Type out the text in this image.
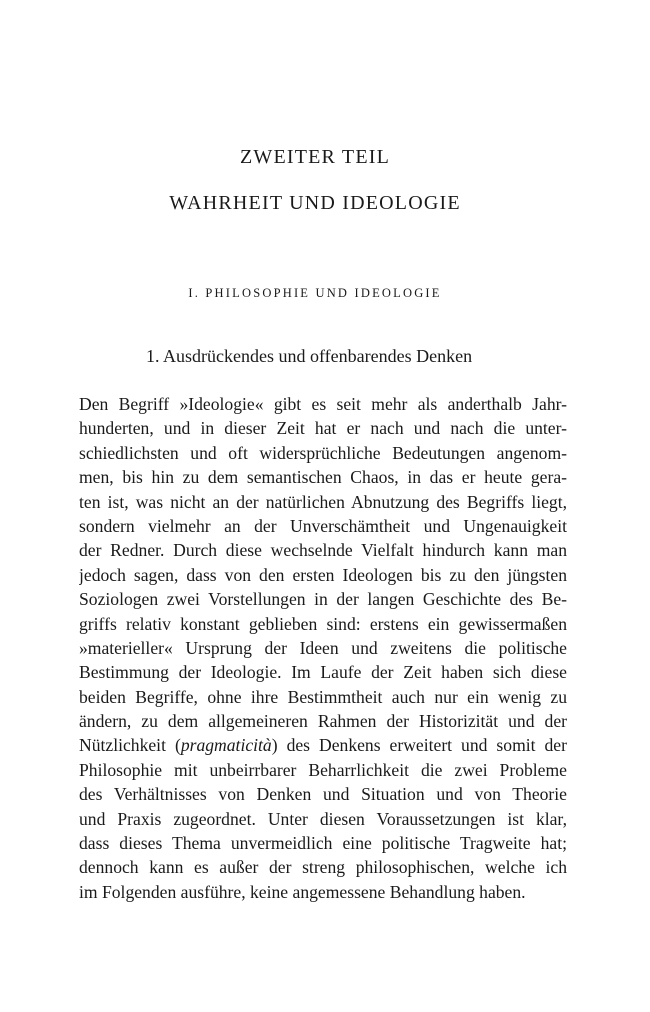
ZWEITER TEIL
WAHRHEIT UND IDEOLOGIE
I. PHILOSOPHIE UND IDEOLOGIE
1. Ausdrückendes und offenbarendes Denken
Den Begriff »Ideologie« gibt es seit mehr als anderthalb Jahr-
hunderten, und in dieser Zeit hat er nach und nach die unter-
schiedlichsten und oft widersprüchliche Bedeutungen angenom-
men, bis hin zu dem semantischen Chaos, in das er heute gera-
ten ist, was nicht an der natürlichen Abnutzung des Begriffs liegt,
sondern vielmehr an der Unverschämtheit und Ungenauigkeit
der Redner. Durch diese wechselnde Vielfalt hindurch kann man
jedoch sagen, dass von den ersten Ideologen bis zu den jüngsten
Soziologen zwei Vorstellungen in der langen Geschichte des Be-
griffs relativ konstant geblieben sind: erstens ein gewissermaßen
»materieller« Ursprung der Ideen und zweitens die politische
Bestimmung der Ideologie. Im Laufe der Zeit haben sich diese
beiden Begriffe, ohne ihre Bestimmtheit auch nur ein wenig zu
ändern, zu dem allgemeineren Rahmen der Historizität und der
Nützlichkeit (pragmaticità) des Denkens erweitert und somit der
Philosophie mit unbeirrbarer Beharrlichkeit die zwei Probleme
des Verhältnisses von Denken und Situation und von Theorie
und Praxis zugeordnet. Unter diesen Voraussetzungen ist klar,
dass dieses Thema unvermeidlich eine politische Tragweite hat;
dennoch kann es außer der streng philosophischen, welche ich
im Folgenden ausführe, keine angemessene Behandlung haben.
